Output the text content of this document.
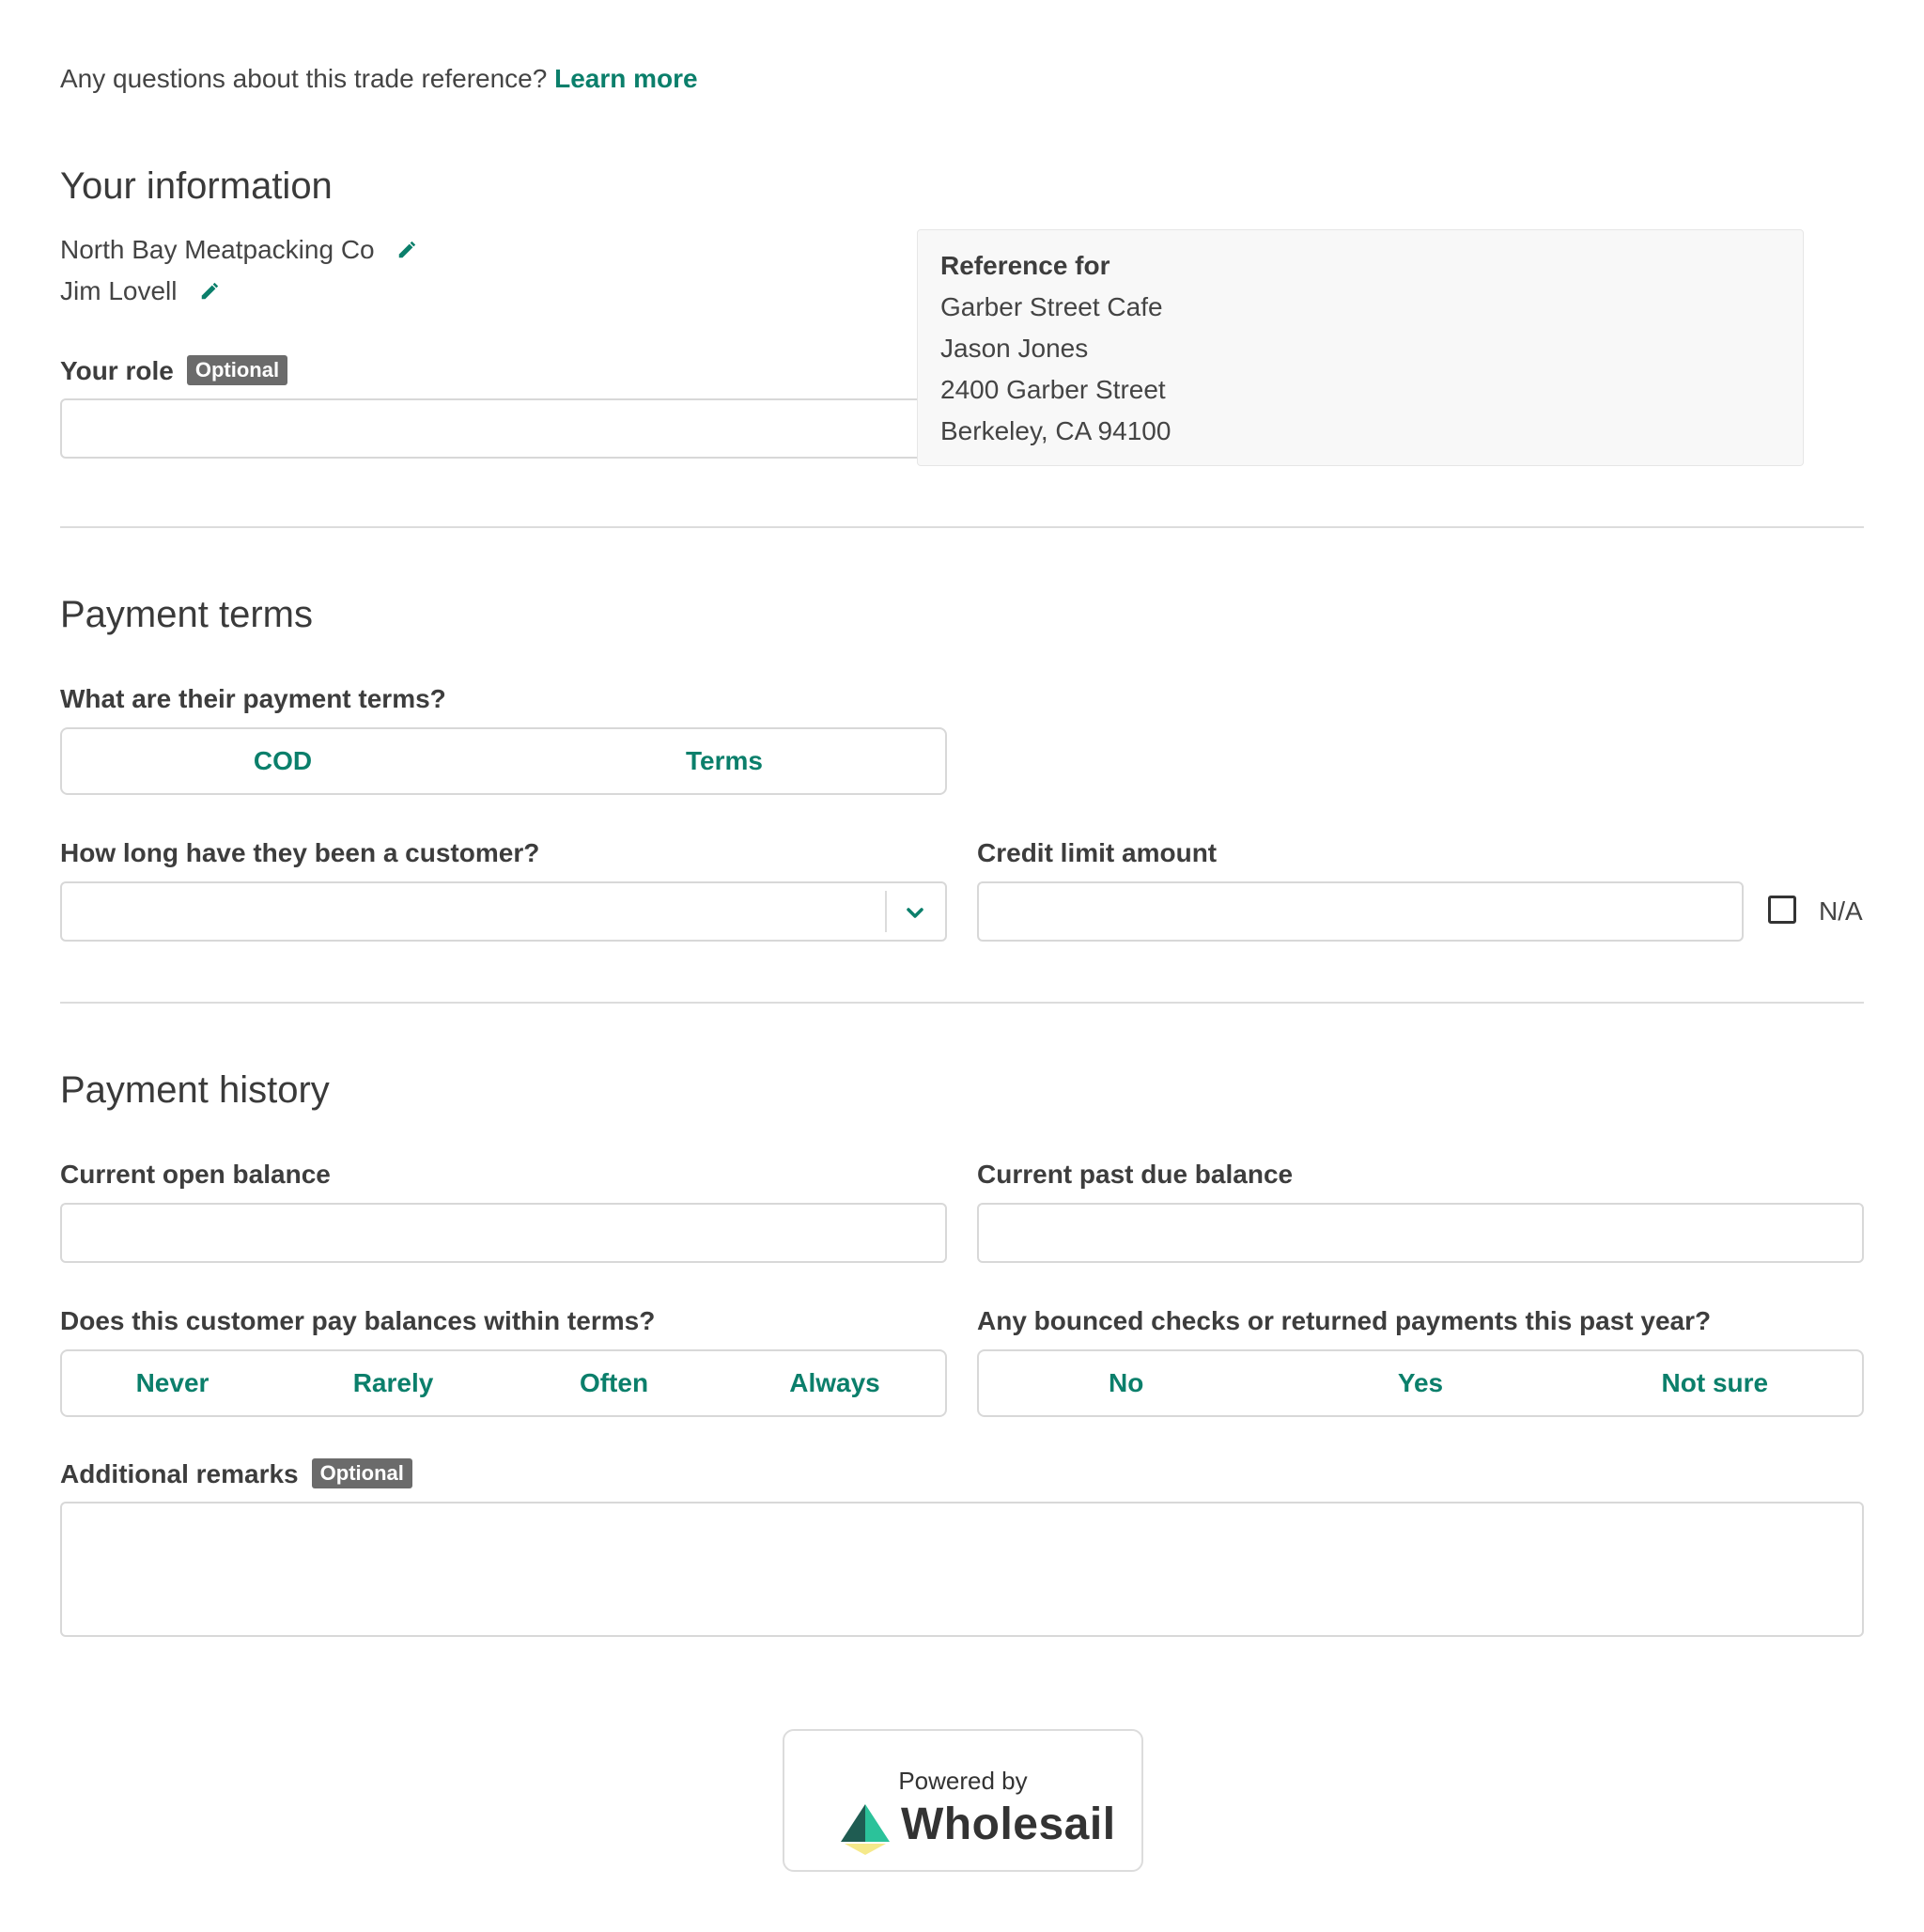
Any questions about this trade reference? Learn more
Your information
North Bay Meatpacking Co
Jim Lovell
Your role Optional
Reference for
Garber Street Cafe
Jason Jones
2400 Garber Street
Berkeley, CA 94100
Payment terms
What are their payment terms?
COD	Terms
How long have they been a customer?	Credit limit amount
N/A
Payment history
Current open balance	Current past due balance
Does this customer pay balances within terms?
Never	Rarely	Often	Always
Any bounced checks or returned payments this past year?
No	Yes	Not sure
Additional remarks Optional
Powered by
Wholesail
